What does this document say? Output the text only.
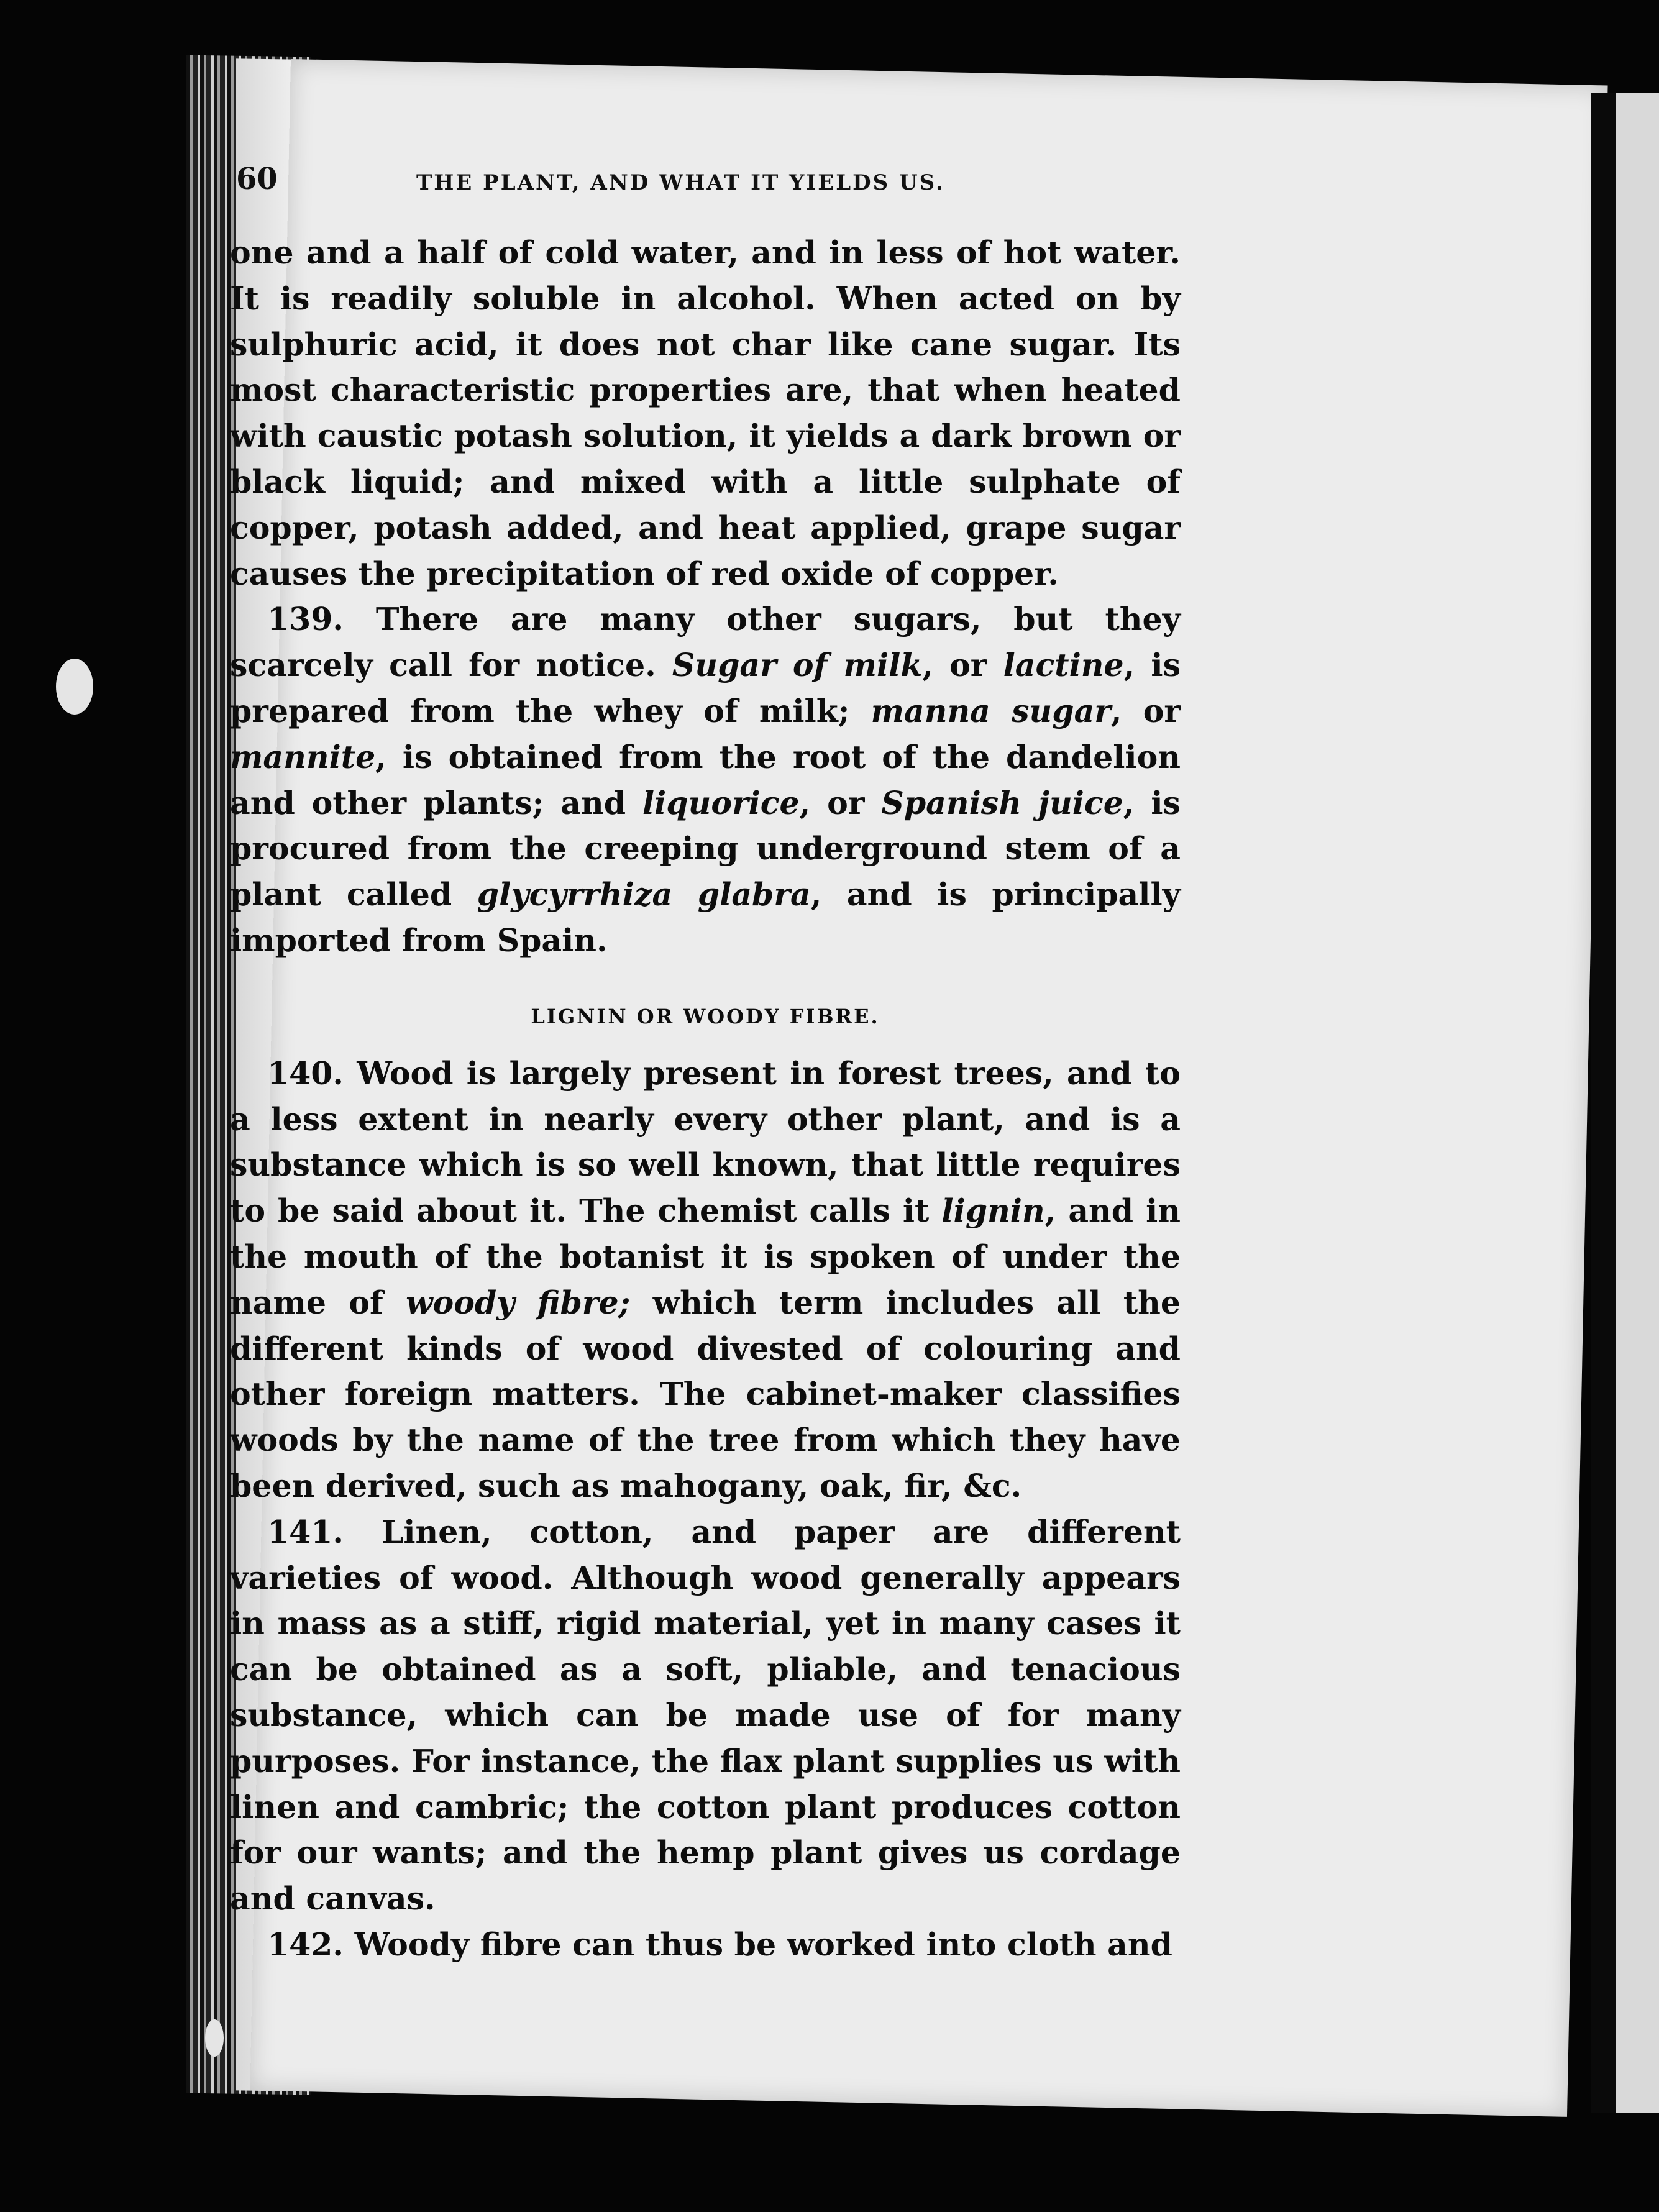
60	THE PLANT, AND WHAT IT YIELDS US.

one and a half of cold water, and in less of hot water. It is readily soluble in alcohol. When acted on by sulphuric acid, it does not char like cane sugar. Its most characteristic properties are, that when heated with caustic potash solution, it yields a dark brown or black liquid; and mixed with a little sulphate of copper, potash added, and heat applied, grape sugar causes the precipitation of red oxide of copper.

139. There are many other sugars, but they scarcely call for notice. Sugar of milk, or lactine, is prepared from the whey of milk; manna sugar, or mannite, is obtained from the root of the dandelion and other plants; and liquorice, or Spanish juice, is procured from the creeping underground stem of a plant called glycyrrhiza glabra, and is principally imported from Spain.

LIGNIN OR WOODY FIBRE.

140. Wood is largely present in forest trees, and to a less extent in nearly every other plant, and is a substance which is so well known, that little requires to be said about it. The chemist calls it lignin, and in the mouth of the botanist it is spoken of under the name of woody fibre; which term includes all the different kinds of wood divested of colouring and other foreign matters. The cabinet-maker classifies woods by the name of the tree from which they have been derived, such as mahogany, oak, fir, &c.

141. Linen, cotton, and paper are different varieties of wood. Although wood generally appears in mass as a stiff, rigid material, yet in many cases it can be obtained as a soft, pliable, and tenacious substance, which can be made use of for many purposes. For instance, the flax plant supplies us with linen and cambric; the cotton plant produces cotton for our wants; and the hemp plant gives us cordage and canvas.

142. Woody fibre can thus be worked into cloth and
